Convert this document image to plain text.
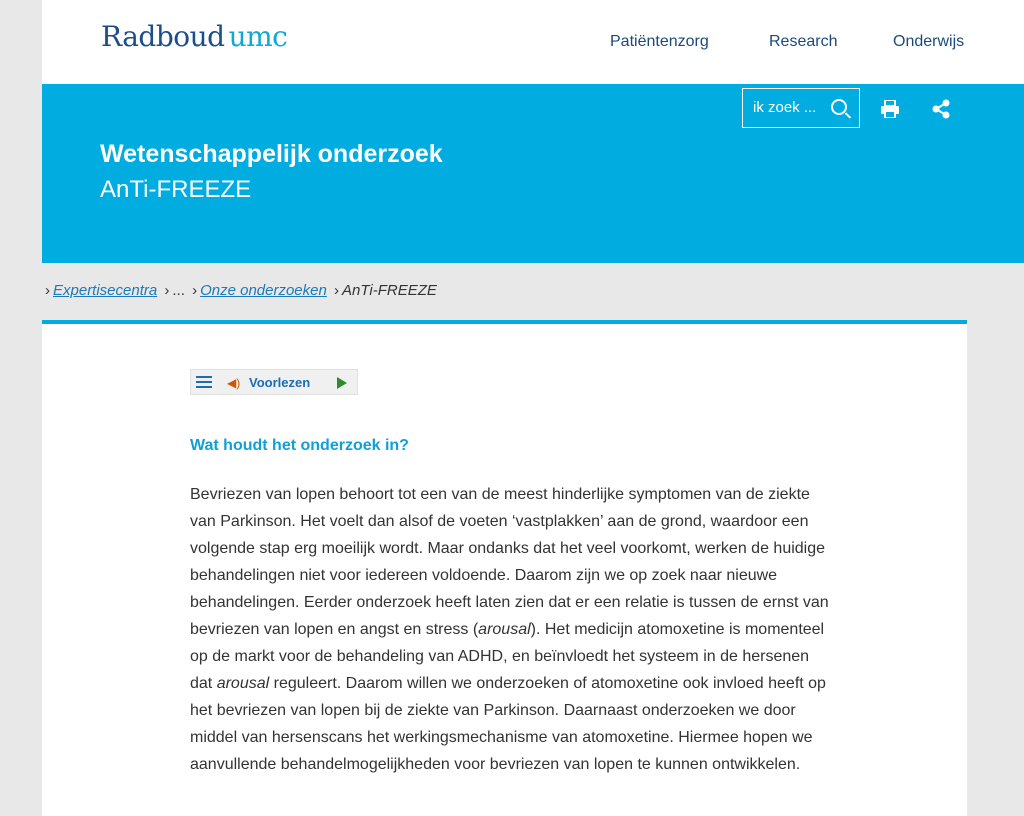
Radboud umc	Patiëntenzorg	Research	Onderwijs
ik zoek ...
Wetenschappelijk onderzoek
AnTi-FREEZE
› Expertisecentra › ... › Onze onderzoeken › AnTi-FREEZE
◀) Voorlezen
Wat houdt het onderzoek in?

Bevriezen van lopen behoort tot een van de meest hinderlijke symptomen van de ziekte van Parkinson. Het voelt dan alsof de voeten ‘vastplakken’ aan de grond, waardoor een volgende stap erg moeilijk wordt. Maar ondanks dat het veel voorkomt, werken de huidige behandelingen niet voor iedereen voldoende. Daarom zijn we op zoek naar nieuwe behandelingen. Eerder onderzoek heeft laten zien dat er een relatie is tussen de ernst van bevriezen van lopen en angst en stress (arousal). Het medicijn atomoxetine is momenteel op de markt voor de behandeling van ADHD, en beïnvloedt het systeem in de hersenen dat arousal reguleert. Daarom willen we onderzoeken of atomoxetine ook invloed heeft op het bevriezen van lopen bij de ziekte van Parkinson. Daarnaast onderzoeken we door middel van hersenscans het werkingsmechanisme van atomoxetine. Hiermee hopen we aanvullende behandelmogelijkheden voor bevriezen van lopen te kunnen ontwikkelen.
